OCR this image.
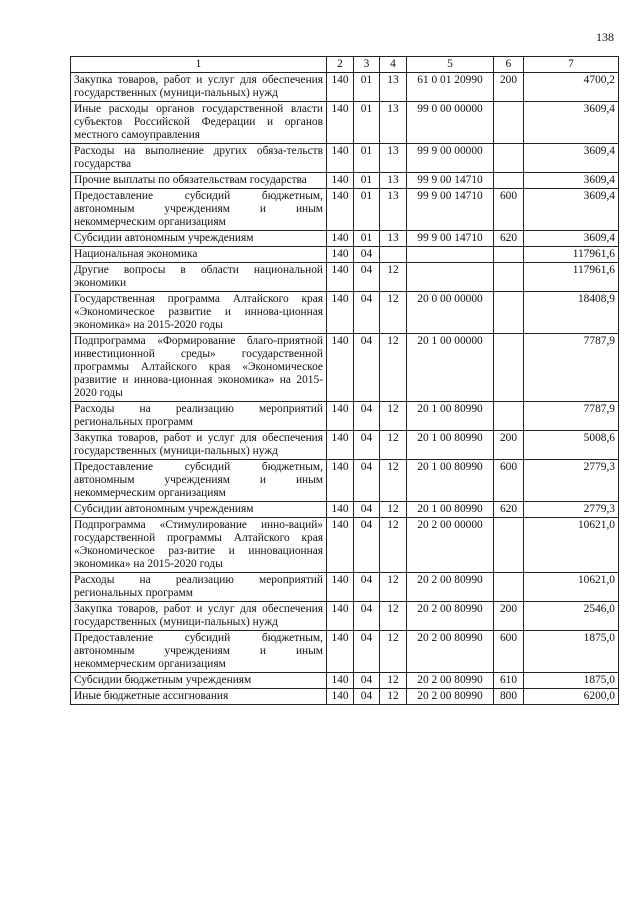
138
1	2	3	4	5	6	7
Закупка товаров, работ и услуг для обеспечения государственных (муници-пальных) нужд	140	01	13	61 0 01 20990	200	4700,2
Иные расходы органов государственной власти субъектов Российской Федерации и органов местного самоуправления	140	01	13	99 0 00 00000		3609,4
Расходы на выполнение других обяза-тельств государства	140	01	13	99 9 00 00000		3609,4
Прочие выплаты по обязательствам государства	140	01	13	99 9 00 14710		3609,4
Предоставление субсидий бюджетным, автономным учреждениям и иным некоммерческим организациям	140	01	13	99 9 00 14710	600	3609,4
Субсидии автономным учреждениям	140	01	13	99 9 00 14710	620	3609,4
Национальная экономика	140	04				117961,6
Другие вопросы в области национальной экономики	140	04	12			117961,6
Государственная программа Алтайского края «Экономическое развитие и иннова-ционная экономика» на 2015-2020 годы	140	04	12	20 0 00 00000		18408,9
Подпрограмма «Формирование благо-приятной инвестиционной среды» государственной программы Алтайского края «Экономическое развитие и иннова-ционная экономика» на 2015-2020 годы	140	04	12	20 1 00 00000		7787,9
Расходы на реализацию мероприятий региональных программ	140	04	12	20 1 00 80990		7787,9
Закупка товаров, работ и услуг для обеспечения государственных (муници-пальных) нужд	140	04	12	20 1 00 80990	200	5008,6
Предоставление субсидий бюджетным, автономным учреждениям и иным некоммерческим организациям	140	04	12	20 1 00 80990	600	2779,3
Субсидии автономным учреждениям	140	04	12	20 1 00 80990	620	2779,3
Подпрограмма «Стимулирование инно-ваций» государственной программы Алтайского края «Экономическое раз-витие и инновационная экономика» на 2015-2020 годы	140	04	12	20 2 00 00000		10621,0
Расходы на реализацию мероприятий региональных программ	140	04	12	20 2 00 80990		10621,0
Закупка товаров, работ и услуг для обеспечения государственных (муници-пальных) нужд	140	04	12	20 2 00 80990	200	2546,0
Предоставление субсидий бюджетным, автономным учреждениям и иным некоммерческим организациям	140	04	12	20 2 00 80990	600	1875,0
Субсидии бюджетным учреждениям	140	04	12	20 2 00 80990	610	1875,0
Иные бюджетные ассигнования	140	04	12	20 2 00 80990	800	6200,0
